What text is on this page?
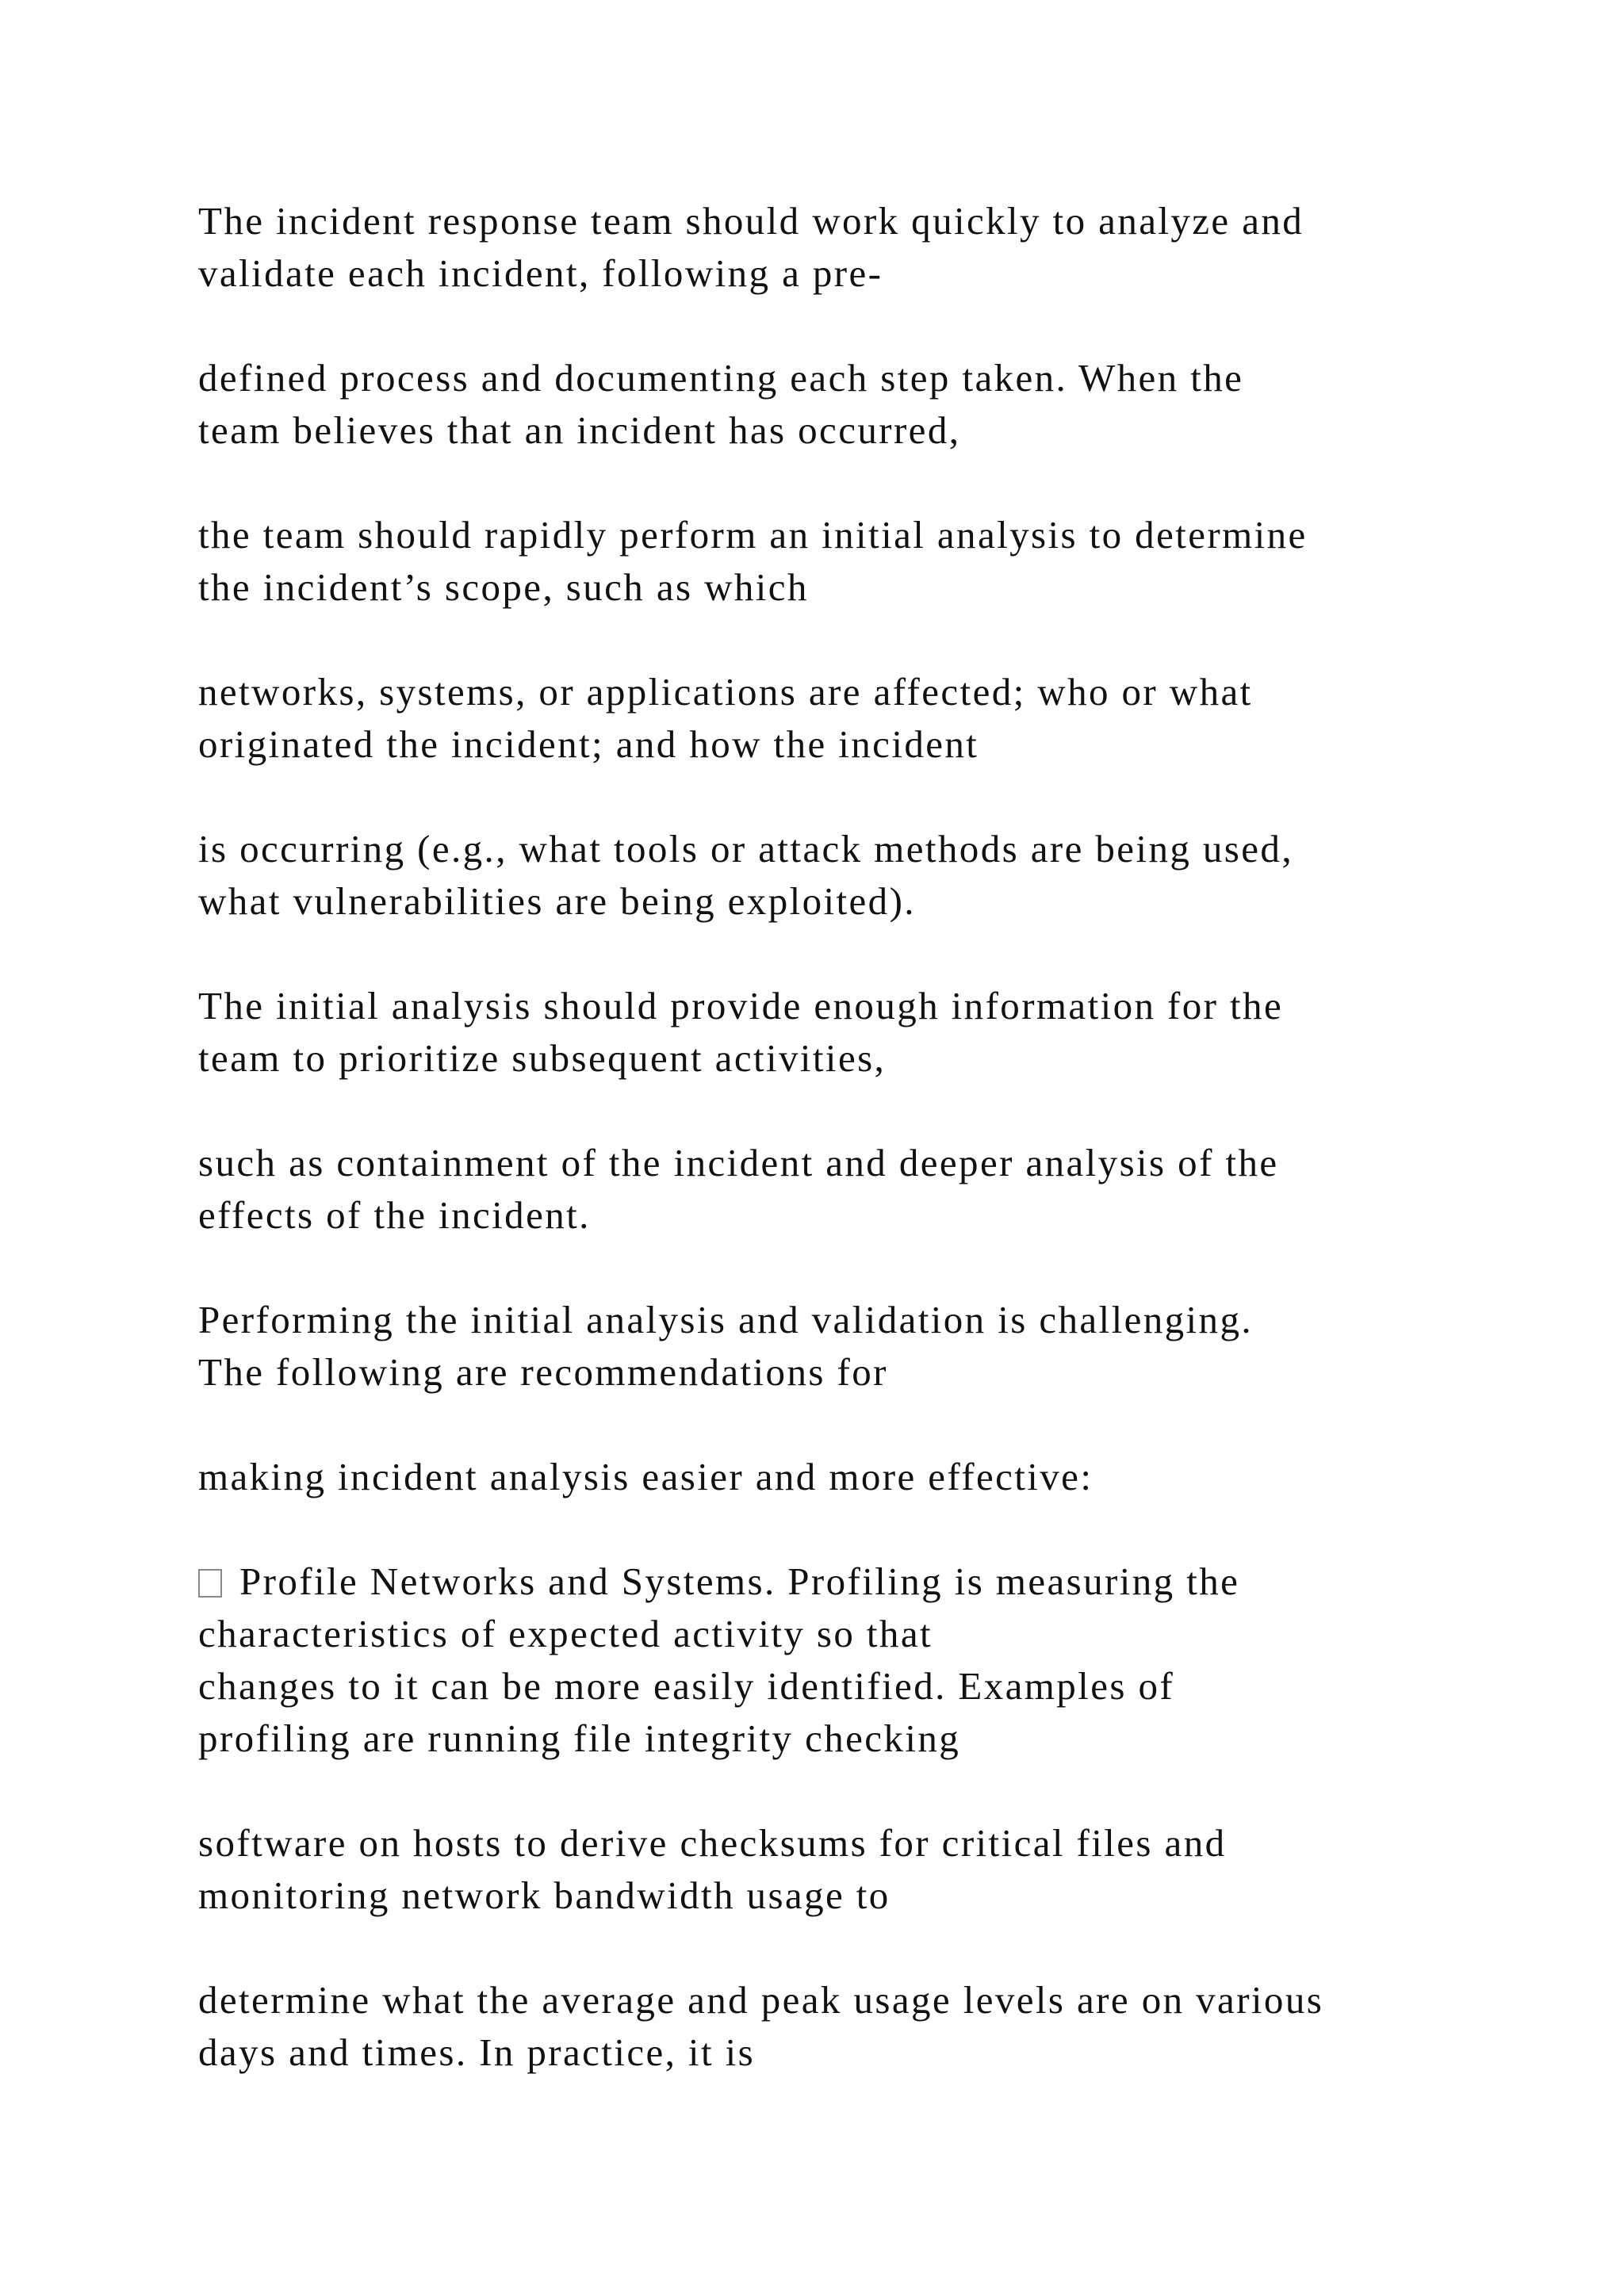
The incident response team should work quickly to analyze and
validate each incident, following a pre-

defined process and documenting each step taken. When the
team believes that an incident has occurred,

the team should rapidly perform an initial analysis to determine
the incident’s scope, such as which

networks, systems, or applications are affected; who or what
originated the incident; and how the incident

is occurring (e.g., what tools or attack methods are being used,
what vulnerabilities are being exploited).

The initial analysis should provide enough information for the
team to prioritize subsequent activities,

such as containment of the incident and deeper analysis of the
effects of the incident.

Performing the initial analysis and validation is challenging.
The following are recommendations for

making incident analysis easier and more effective:

Profile Networks and Systems. Profiling is measuring the
characteristics of expected activity so that

changes to it can be more easily identified. Examples of
profiling are running file integrity checking

software on hosts to derive checksums for critical files and
monitoring network bandwidth usage to

determine what the average and peak usage levels are on various
days and times. In practice, it is
